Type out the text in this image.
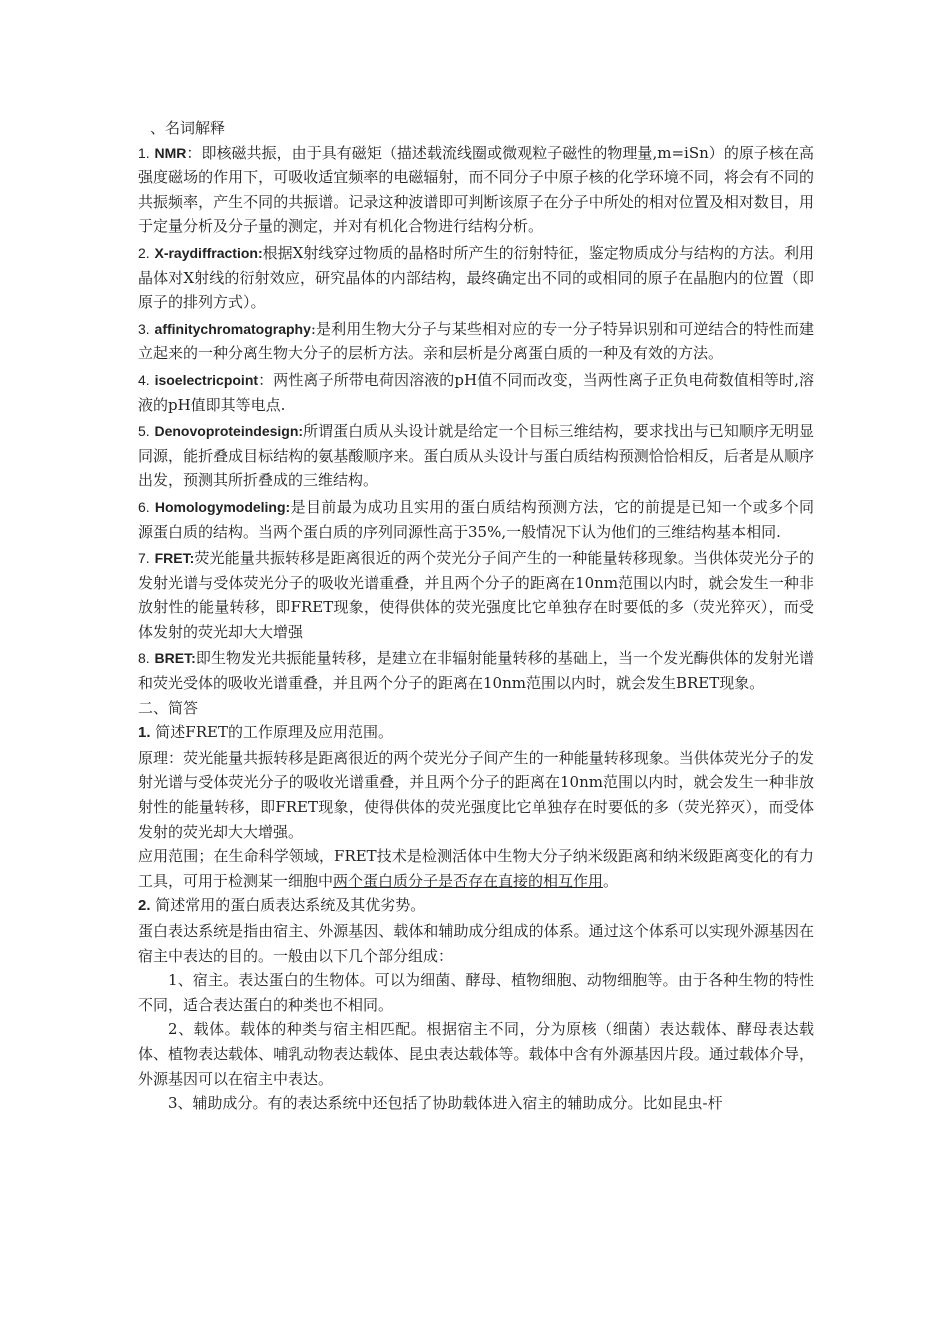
、名词解释

1. NMR：即核磁共振，由于具有磁矩（描述载流线圈或微观粒子磁性的物理量,m=iSn）的原子核在高强度磁场的作用下，可吸收适宜频率的电磁辐射，而不同分子中原子核的化学环境不同，将会有不同的共振频率，产生不同的共振谱。记录这种波谱即可判断该原子在分子中所处的相对位置及相对数目，用于定量分析及分子量的测定，并对有机化合物进行结构分析。

2. X-raydiffraction:根据X射线穿过物质的晶格时所产生的衍射特征，鉴定物质成分与结构的方法。利用晶体对X射线的衍射效应，研究晶体的内部结构，最终确定出不同的或相同的原子在晶胞内的位置（即原子的排列方式）。

3. affinitychromatography:是利用生物大分子与某些相对应的专一分子特异识别和可逆结合的特性而建立起来的一种分离生物大分子的层析方法。亲和层析是分离蛋白质的一种及有效的方法。

4. isoelectricpoint：两性离子所带电荷因溶液的pH值不同而改变，当两性离子正负电荷数值相等时,溶液的pH值即其等电点.

5. Denovoproteindesign:所谓蛋白质从头设计就是给定一个目标三维结构，要求找出与已知顺序无明显同源，能折叠成目标结构的氨基酸顺序来。蛋白质从头设计与蛋白质结构预测恰恰相反，后者是从顺序出发，预测其所折叠成的三维结构。

6. Homologymodeling:是目前最为成功且实用的蛋白质结构预测方法，它的前提是已知一个或多个同源蛋白质的结构。当两个蛋白质的序列同源性高于35%,一般情况下认为他们的三维结构基本相同.

7. FRET:荧光能量共振转移是距离很近的两个荧光分子间产生的一种能量转移现象。当供体荧光分子的发射光谱与受体荧光分子的吸收光谱重叠，并且两个分子的距离在10nm范围以内时，就会发生一种非放射性的能量转移，即FRET现象，使得供体的荧光强度比它单独存在时要低的多（荧光猝灭），而受体发射的荧光却大大增强

8. BRET:即生物发光共振能量转移，是建立在非辐射能量转移的基础上，当一个发光酶供体的发射光谱和荧光受体的吸收光谱重叠，并且两个分子的距离在10nm范围以内时，就会发生BRET现象。

二、简答

1. 简述FRET的工作原理及应用范围。

原理：荧光能量共振转移是距离很近的两个荧光分子间产生的一种能量转移现象。当供体荧光分子的发射光谱与受体荧光分子的吸收光谱重叠，并且两个分子的距离在10nm范围以内时，就会发生一种非放射性的能量转移，即FRET现象，使得供体的荧光强度比它单独存在时要低的多（荧光猝灭），而受体发射的荧光却大大增强。

应用范围；在生命科学领域，FRET技术是检测活体中生物大分子纳米级距离和纳米级距离变化的有力工具，可用于检测某一细胞中两个蛋白质分子是否存在直接的相互作用。

2. 简述常用的蛋白质表达系统及其优劣势。

蛋白表达系统是指由宿主、外源基因、载体和辅助成分组成的体系。通过这个体系可以实现外源基因在宿主中表达的目的。一般由以下几个部分组成：

1、宿主。表达蛋白的生物体。可以为细菌、酵母、植物细胞、动物细胞等。由于各种生物的特性不同，适合表达蛋白的种类也不相同。

2、载体。载体的种类与宿主相匹配。根据宿主不同，分为原核（细菌）表达载体、酵母表达载体、植物表达载体、哺乳动物表达载体、昆虫表达载体等。载体中含有外源基因片段。通过载体介导，外源基因可以在宿主中表达。

3、辅助成分。有的表达系统中还包括了协助载体进入宿主的辅助成分。比如昆虫-杆
